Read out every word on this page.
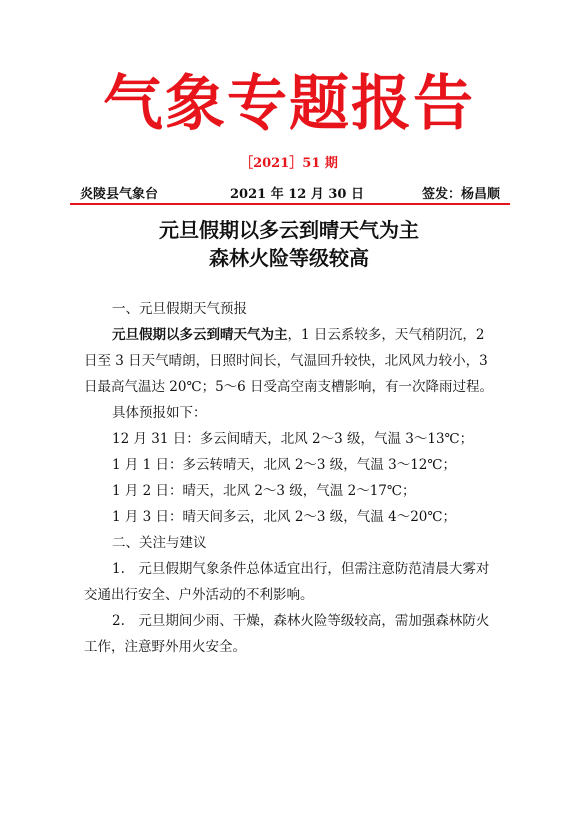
气象专题报告
［2021］51 期
炎陵县气象台	2021 年 12 月 30 日	签发：杨昌顺
元旦假期以多云到晴天气为主
森林火险等级较高

一、元旦假期天气预报

元旦假期以多云到晴天气为主，1 日云系较多，天气稍阴沉，2 日至 3 日天气晴朗，日照时间长，气温回升较快，北风风力较小，3 日最高气温达 20℃；5～6 日受高空南支槽影响，有一次降雨过程。

具体预报如下：

12 月 31 日：多云间晴天，北风 2～3 级，气温 3～13℃；

1 月 1 日：多云转晴天，北风 2～3 级，气温 3～12℃；

1 月 2 日：晴天，北风 2～3 级，气温 2～17℃；

1 月 3 日：晴天间多云，北风 2～3 级，气温 4～20℃；

二、关注与建议

1.　元旦假期气象条件总体适宜出行，但需注意防范清晨大雾对交通出行安全、户外活动的不利影响。

2.　元旦期间少雨、干燥，森林火险等级较高，需加强森林防火工作，注意野外用火安全。
